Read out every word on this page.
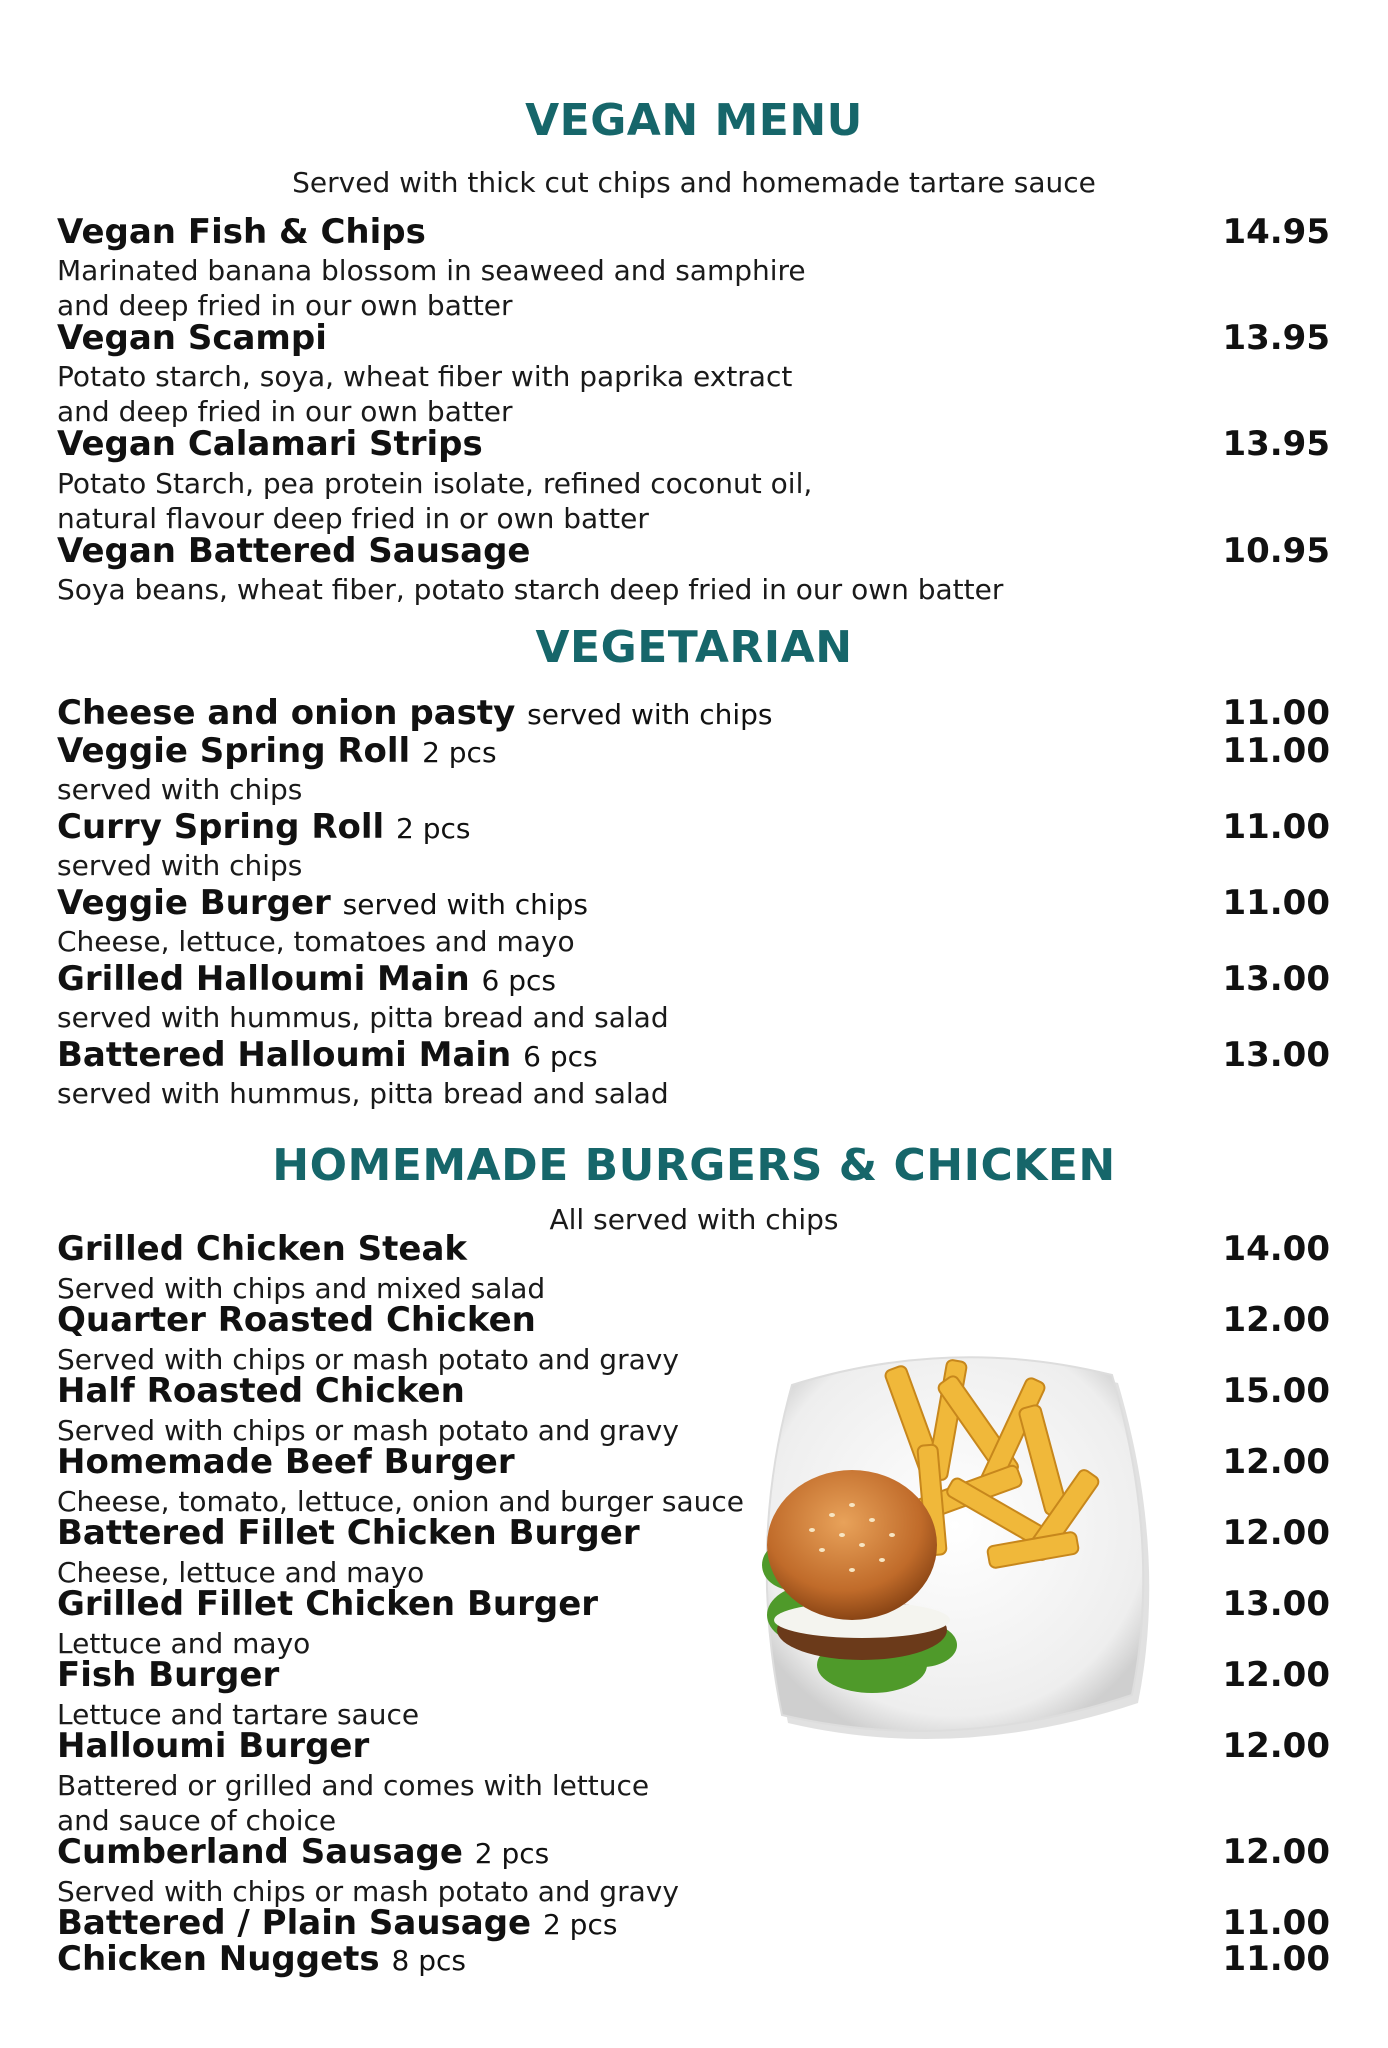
VEGAN MENU
Served with thick cut chips and homemade tartare sauce
Vegan Fish & Chips	14.95
Marinated banana blossom in seaweed and samphire
and deep fried in our own batter
Vegan Scampi	13.95
Potato starch, soya, wheat fiber with paprika extract
and deep fried in our own batter
Vegan Calamari Strips	13.95
Potato Starch, pea protein isolate, refined coconut oil,
natural flavour deep fried in or own batter
Vegan Battered Sausage	10.95
Soya beans, wheat fiber, potato starch deep fried in our own batter
VEGETARIAN
Cheese and onion pasty served with chips	11.00
Veggie Spring Roll 2 pcs	11.00
served with chips
Curry Spring Roll 2 pcs	11.00
served with chips
Veggie Burger served with chips	11.00
Cheese, lettuce, tomatoes and mayo
Grilled Halloumi Main 6 pcs	13.00
served with hummus, pitta bread and salad
Battered Halloumi Main 6 pcs	13.00
served with hummus, pitta bread and salad
HOMEMADE BURGERS & CHICKEN
All served with chips
Grilled Chicken Steak	14.00
Served with chips and mixed salad
Quarter Roasted Chicken	12.00
Served with chips or mash potato and gravy
Half Roasted Chicken	15.00
Served with chips or mash potato and gravy
Homemade Beef Burger	12.00
Cheese, tomato, lettuce, onion and burger sauce
Battered Fillet Chicken Burger	12.00
Cheese, lettuce and mayo
Grilled Fillet Chicken Burger	13.00
Lettuce and mayo
Fish Burger	12.00
Lettuce and tartare sauce
Halloumi Burger	12.00
Battered or grilled and comes with lettuce
and sauce of choice
Cumberland Sausage 2 pcs	12.00
Served with chips or mash potato and gravy
Battered / Plain Sausage 2 pcs	11.00
Chicken Nuggets 8 pcs	11.00
